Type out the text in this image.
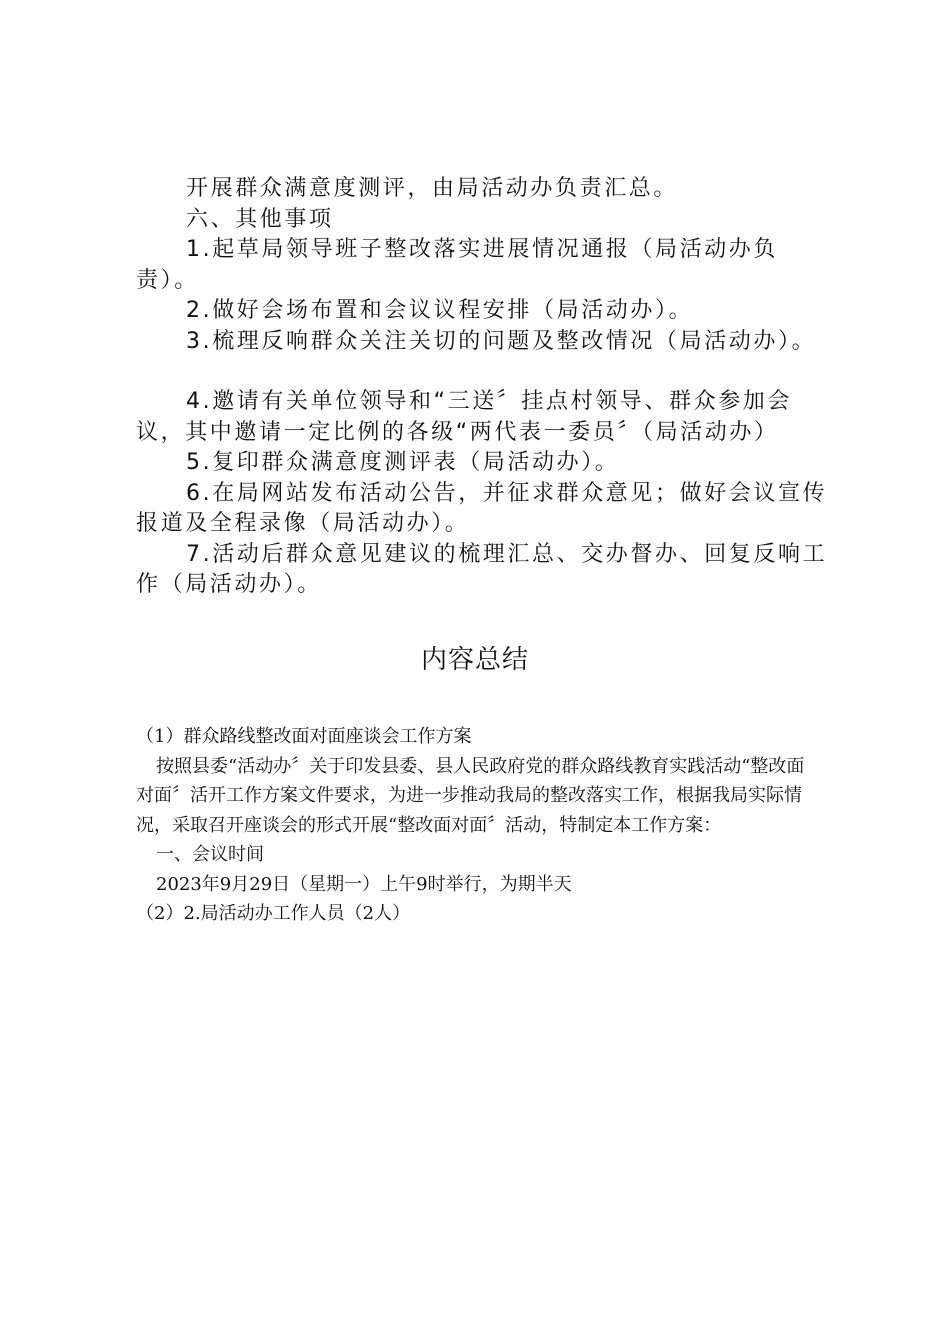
开展群众满意度测评，由局活动办负责汇总。

六、其他事项

1.起草局领导班子整改落实进展情况通报（局活动办负责）。

2.做好会场布置和会议议程安排（局活动办）。

3.梳理反响群众关注关切的问题及整改情况（局活动办）。

4.邀请有关单位领导和“三送〞挂点村领导、群众参加会议，其中邀请一定比例的各级“两代表一委员〞（局活动办）

5.复印群众满意度测评表（局活动办）。

6.在局网站发布活动公告，并征求群众意见；做好会议宣传报道及全程录像（局活动办）。

7.活动后群众意见建议的梳理汇总、交办督办、回复反响工作（局活动办）。

内容总结

（1）群众路线整改面对面座谈会工作方案

按照县委“活动办〞关于印发县委、县人民政府党的群众路线教育实践活动“整改面对面〞活开工作方案文件要求，为进一步推动我局的整改落实工作，根据我局实际情况，采取召开座谈会的形式开展“整改面对面〞活动，特制定本工作方案：

一、会议时间

2023年9月29日（星期一）上午9时举行，为期半天

（2）2.局活动办工作人员（2人）
